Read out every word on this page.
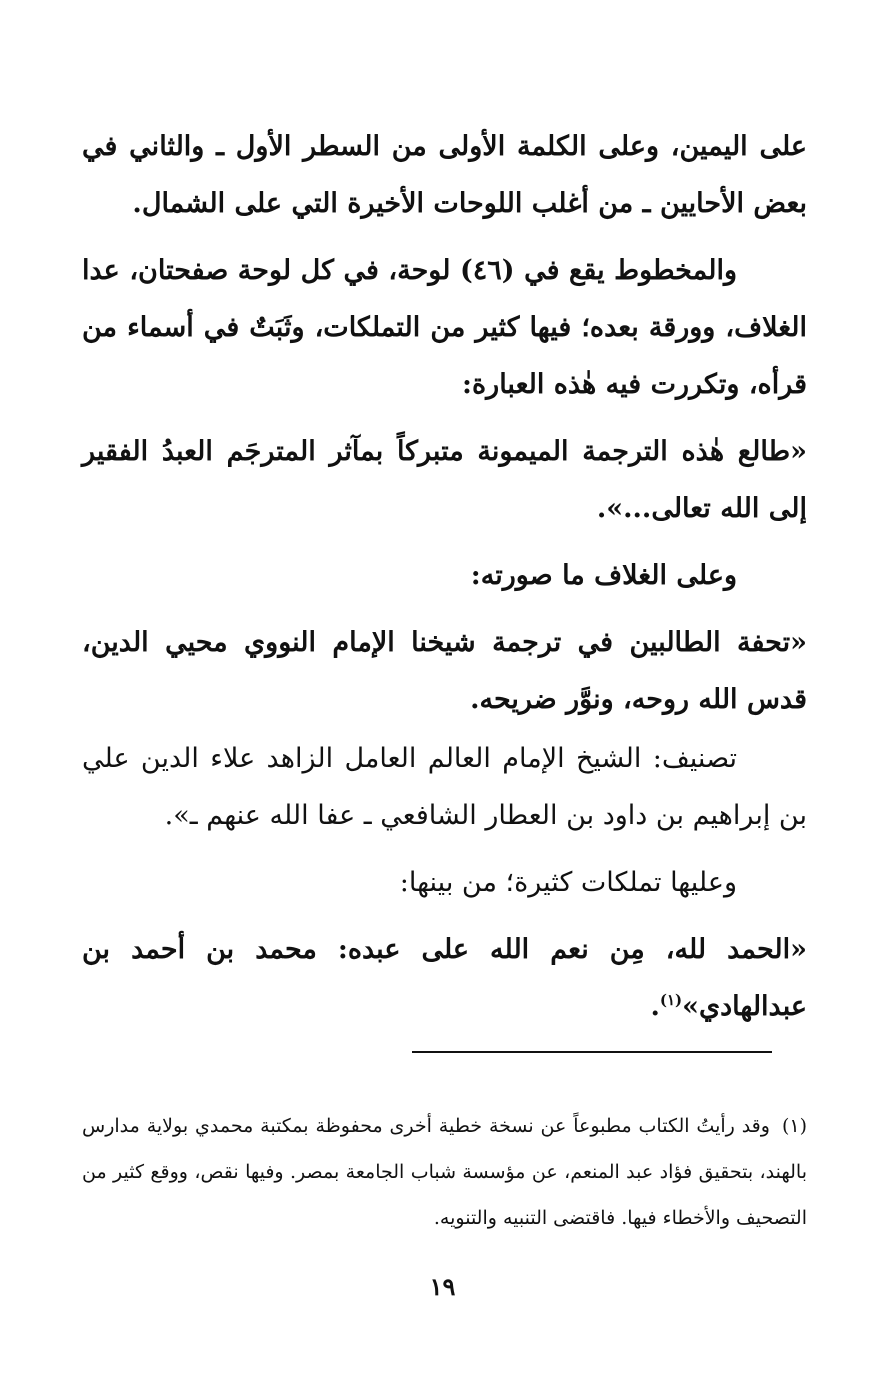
على اليمين، وعلى الكلمة الأولى من السطر الأول ـ والثاني في بعض الأحايين ـ من أغلب اللوحات الأخيرة التي على الشمال.

والمخطوط يقع في (٤٦) لوحة، في كل لوحة صفحتان، عدا الغلاف، وورقة بعده؛ فيها كثير من التملكات، وثَبَتٌ في أسماء من قرأه، وتكررت فيه هٰذه العبارة:

«طالع هٰذه الترجمة الميمونة متبركاً بمآثر المترجَم العبدُ الفقير إلى الله تعالى...».

وعلى الغلاف ما صورته:

«تحفة الطالبين في ترجمة شيخنا الإمام النووي محيي الدين، قدس الله روحه، ونوَّر ضريحه.

تصنيف: الشيخ الإمام العالم العامل الزاهد علاء الدين علي بن إبراهيم بن داود بن العطار الشافعي ـ عفا الله عنهم ـ».

وعليها تملكات كثيرة؛ من بينها:

«الحمد لله، مِن نعم الله على عبده: محمد بن أحمد بن عبدالهادي»$^{(١)}$.

(١)وقد رأيتُ الكتاب مطبوعاً عن نسخة خطية أخرى محفوظة بمكتبة محمدي بولاية مدارس بالهند، بتحقيق فؤاد عبد المنعم، عن مؤسسة شباب الجامعة بمصر. وفيها نقص، ووقع كثير من التصحيف والأخطاء فيها. فاقتضى التنبيه والتنويه.

١٩
